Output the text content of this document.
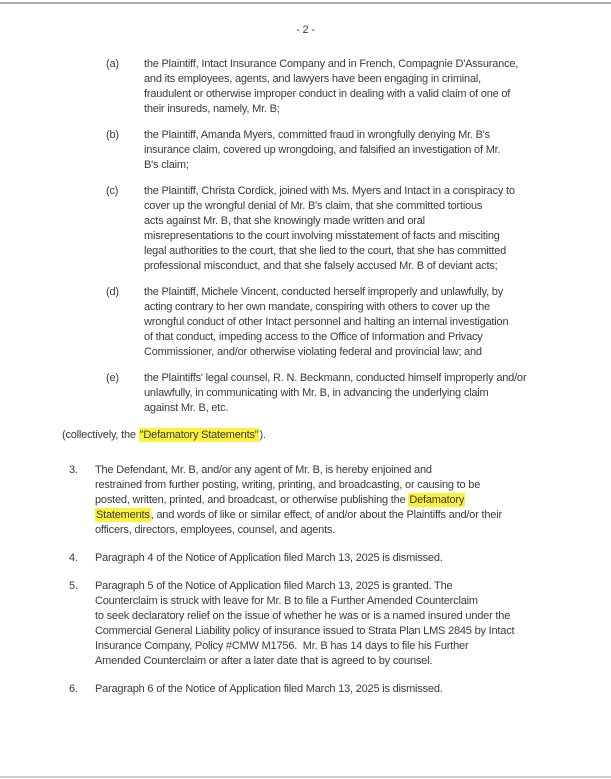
- 2 -
(a)	the Plaintiff, Intact Insurance Company and in French, Compagnie D'Assurance,
and its employees, agents, and lawyers have been engaging in criminal,
fraudulent or otherwise improper conduct in dealing with a valid claim of one of
their insureds, namely, Mr. B;
(b)	the Plaintiff, Amanda Myers, committed fraud in wrongfully denying Mr. B's
insurance claim, covered up wrongdoing, and falsified an investigation of Mr.
B's claim;
(c)	the Plaintiff, Christa Cordick, joined with Ms. Myers and Intact in a conspiracy to
cover up the wrongful denial of Mr. B's claim, that she committed tortious
acts against Mr. B, that she knowingly made written and oral
misrepresentations to the court involving misstatement of facts and misciting
legal authorities to the court, that she lied to the court, that she has committed
professional misconduct, and that she falsely accused Mr. B of deviant acts;
(d)	the Plaintiff, Michele Vincent, conducted herself improperly and unlawfully, by
acting contrary to her own mandate, conspiring with others to cover up the
wrongful conduct of other Intact personnel and halting an internal investigation
of that conduct, impeding access to the Office of Information and Privacy
Commissioner, and/or otherwise violating federal and provincial law; and
(e)	the Plaintiffs' legal counsel, R. N. Beckmann, conducted himself improperly and/or
unlawfully, in communicating with Mr. B, in advancing the underlying claim
against Mr. B, etc.
(collectively, the "Defamatory Statements").
3.	The Defendant, Mr. B, and/or any agent of Mr. B, is hereby enjoined and
restrained from further posting, writing, printing, and broadcasting, or causing to be
posted, written, printed, and broadcast, or otherwise publishing the Defamatory
Statements, and words of like or similar effect, of and/or about the Plaintiffs and/or their
officers, directors, employees, counsel, and agents.
4.	Paragraph 4 of the Notice of Application filed March 13, 2025 is dismissed.
5.	Paragraph 5 of the Notice of Application filed March 13, 2025 is granted. The
Counterclaim is struck with leave for Mr. B to file a Further Amended Counterclaim
to seek declaratory relief on the issue of whether he was or is a named insured under the
Commercial General Liability policy of insurance issued to Strata Plan LMS 2845 by Intact
Insurance Company, Policy #CMW M1756.  Mr. B has 14 days to file his Further
Amended Counterclaim or after a later date that is agreed to by counsel.
6.	Paragraph 6 of the Notice of Application filed March 13, 2025 is dismissed.
